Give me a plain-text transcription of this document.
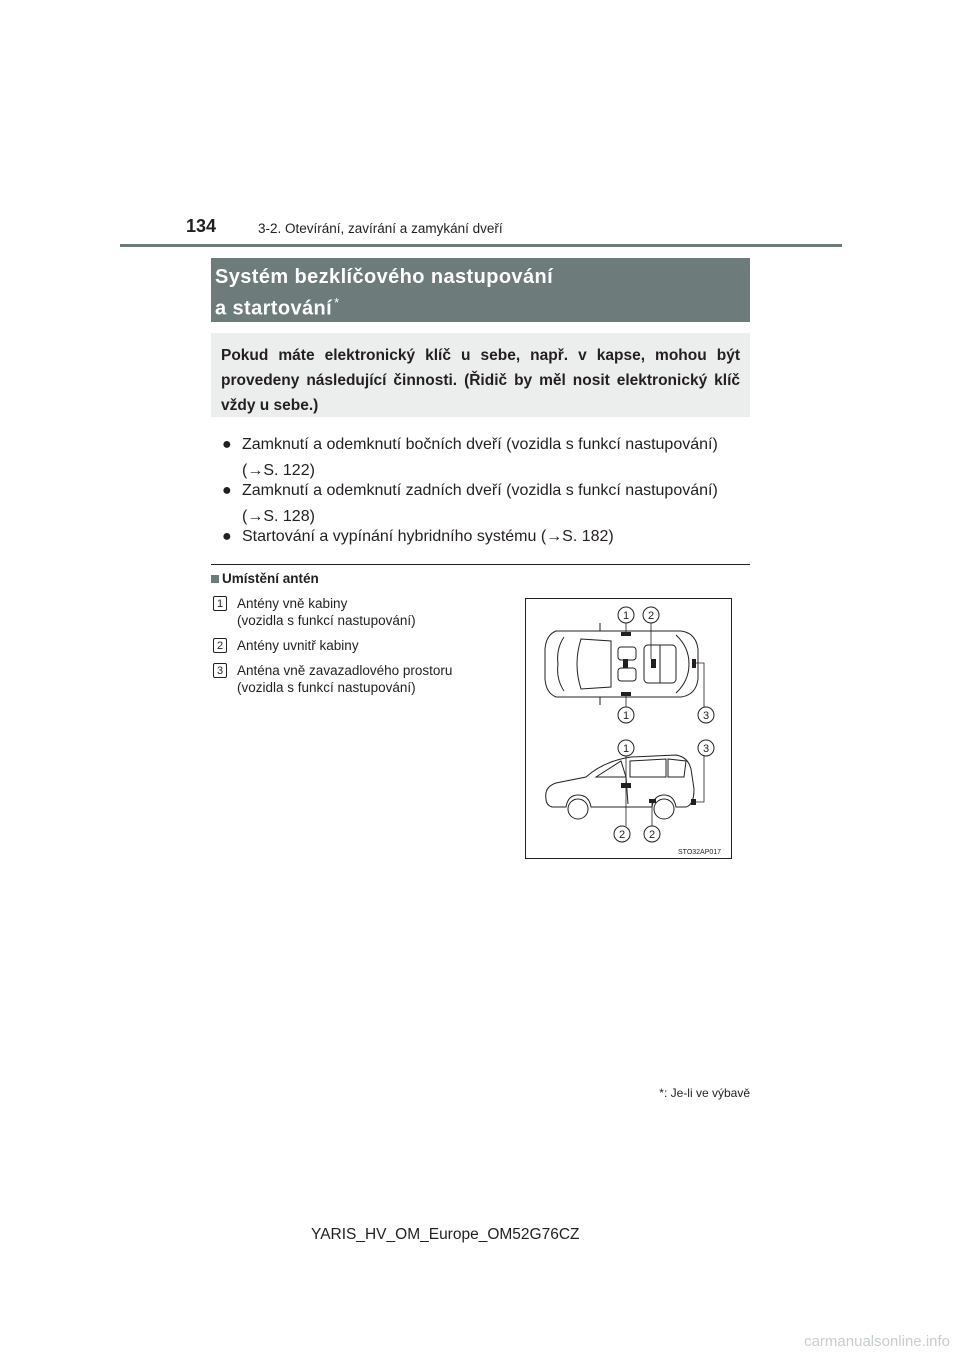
134	3-2. Otevírání, zavírání a zamykání dveří
Systém bezklíčového nastupování
a startování *
Pokud máte elektronický klíč u sebe, např. v kapse, mohou být provedeny následující činnosti. (Řidič by měl nosit elektronický klíč vždy u sebe.)
● Zamknutí a odemknutí bočních dveří (vozidla s funkcí nastupování)
(→S. 122)
● Zamknutí a odemknutí zadních dveří (vozidla s funkcí nastupování)
(→S. 128)
● Startování a vypínání hybridního systému (→S. 182)
Umístění antén
1 Antény vně kabiny
(vozidla s funkcí nastupování)
2 Antény uvnitř kabiny
3 Anténa vně zavazadlového prostoru
(vozidla s funkcí nastupování)
1 2
1	3
1	3
2 2
STO32AP017
*: Je-li ve výbavě
YARIS_HV_OM_Europe_OM52G76CZ
carmanualsonline.info
